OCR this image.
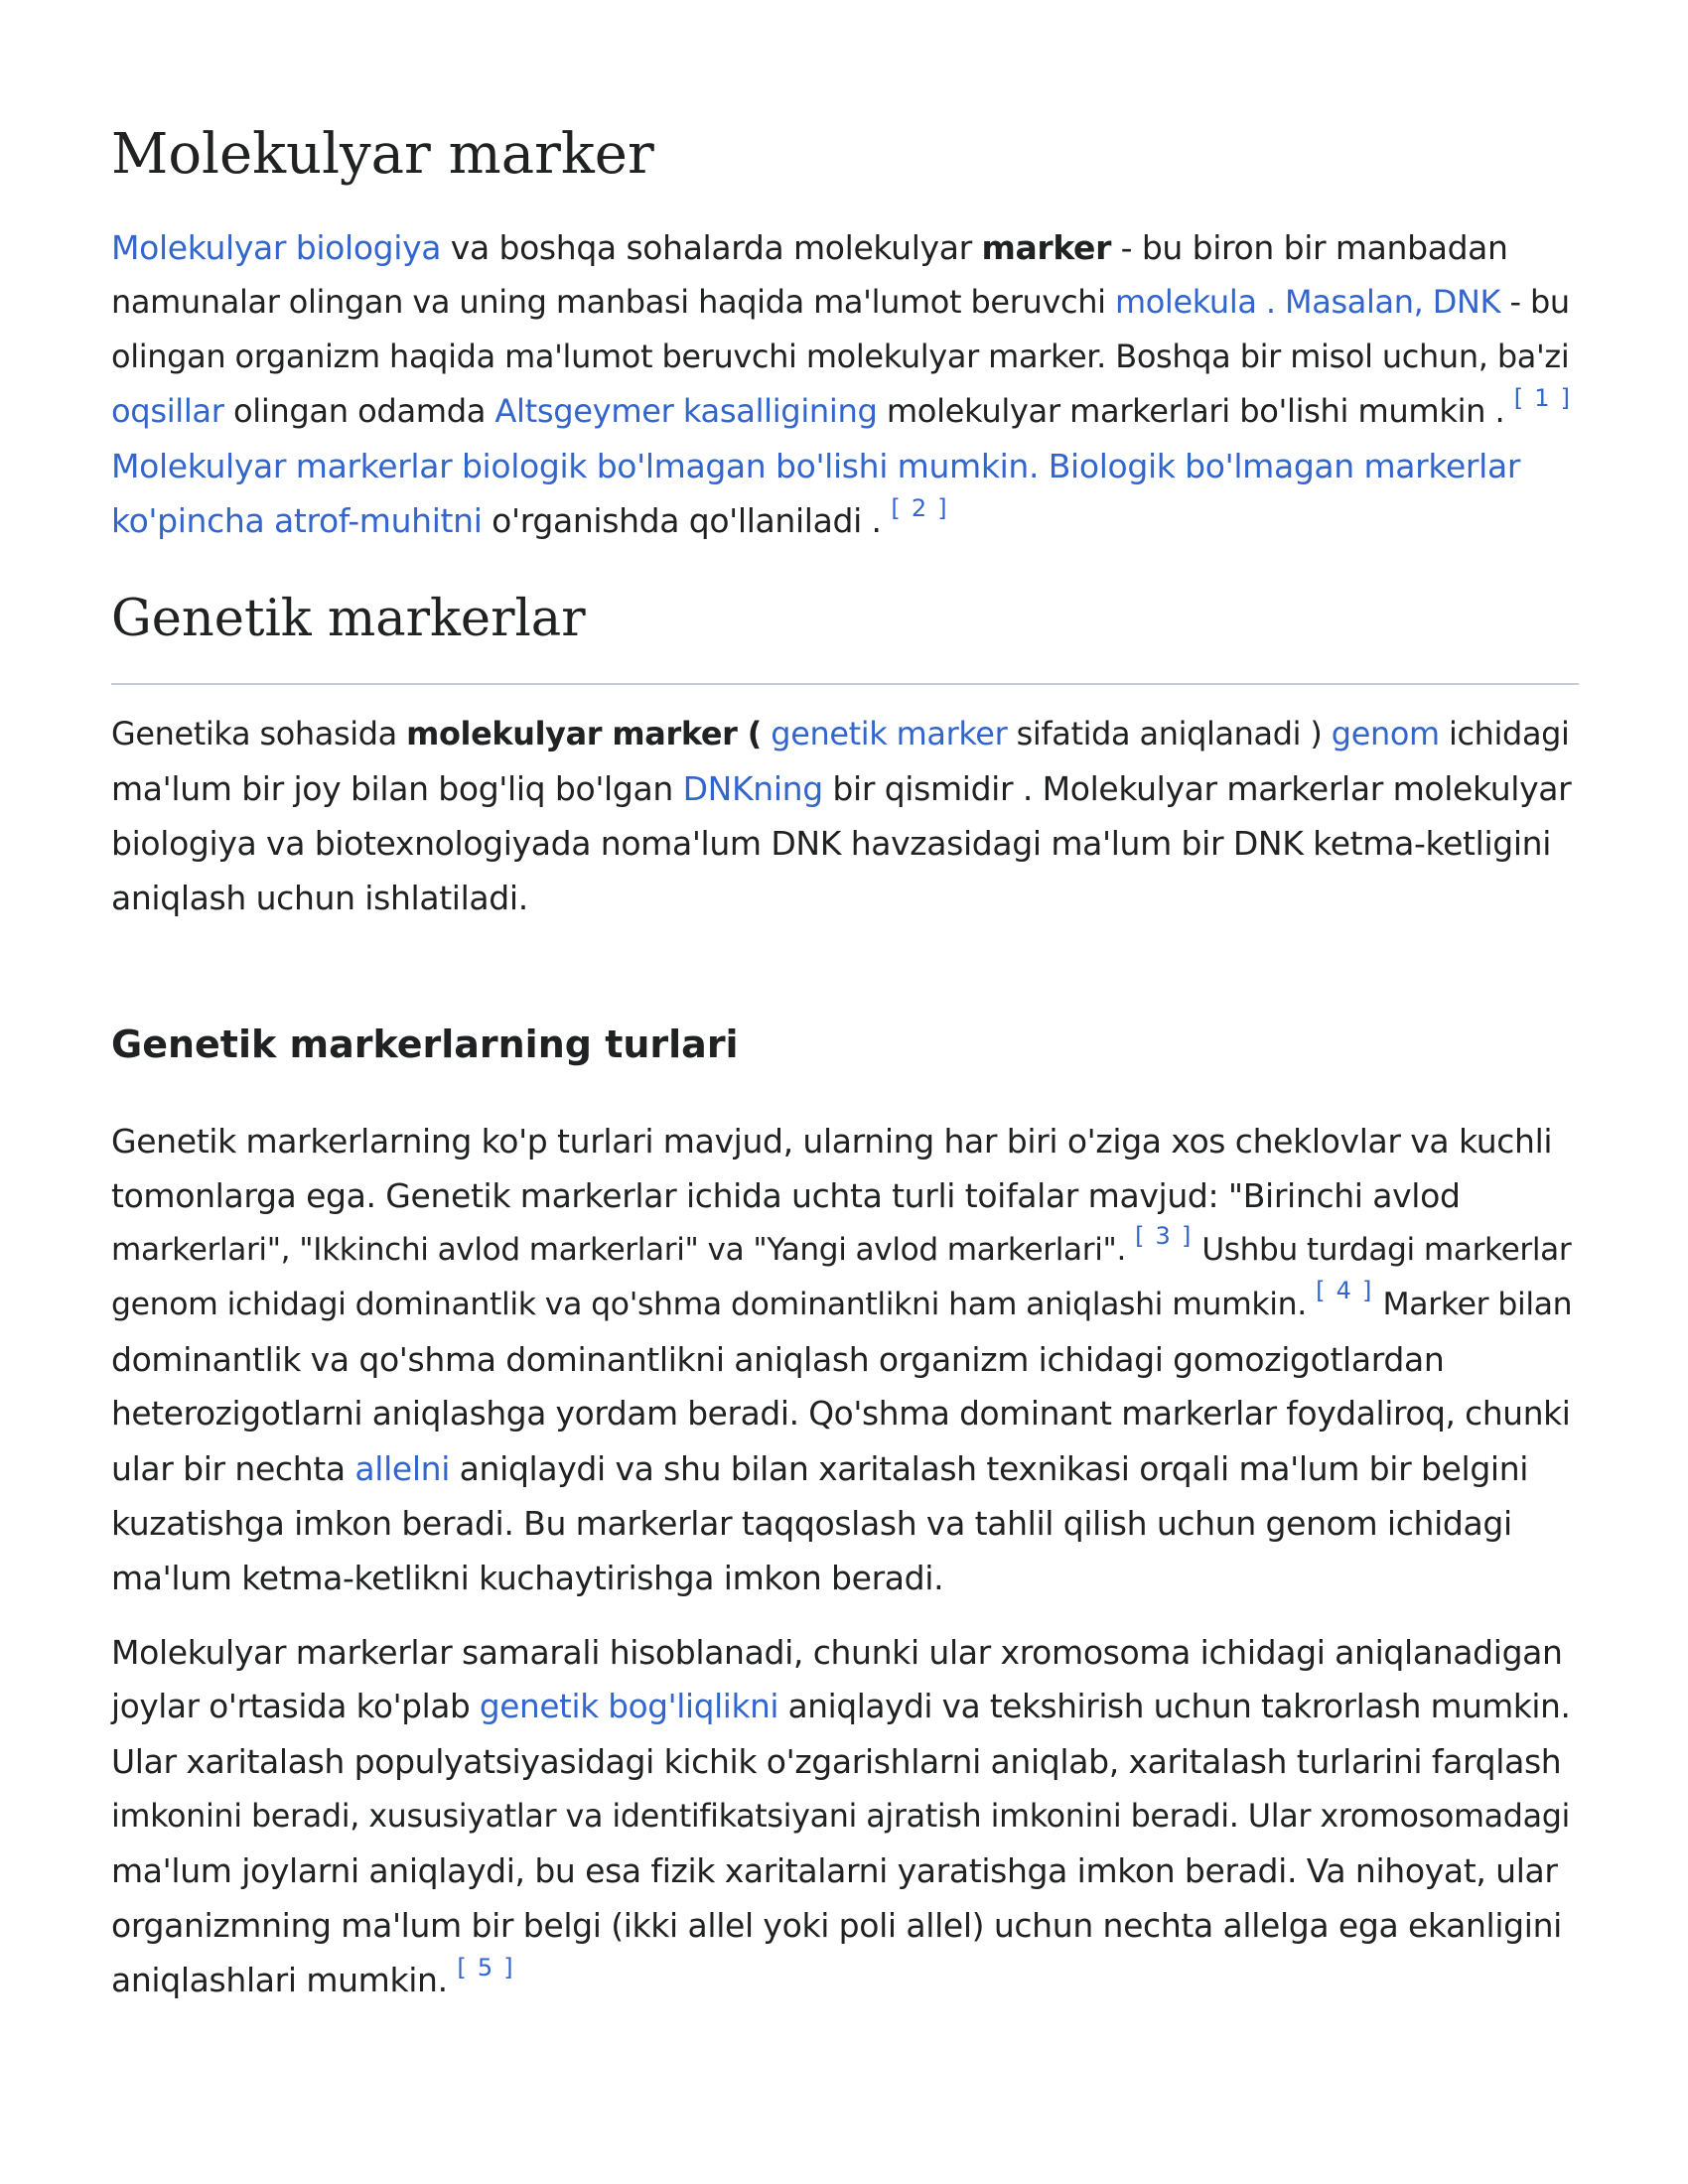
Molekulyar marker

Molekulyar biologiya va boshqa sohalarda molekulyar marker - bu biron bir manbadan
namunalar olingan va uning manbasi haqida ma'lumot beruvchi molekula . Masalan, DNK - bu
olingan organizm haqida ma'lumot beruvchi molekulyar marker. Boshqa bir misol uchun, ba'zi
oqsillar olingan odamda Altsgeymer kasalligining molekulyar markerlari bo'lishi mumkin . [ 1 ]
Molekulyar markerlar biologik bo'lmagan bo'lishi mumkin. Biologik bo'lmagan markerlar
ko'pincha atrof-muhitni o'rganishda qo'llaniladi . [ 2 ]

Genetik markerlar

Genetika sohasida molekulyar marker ( genetik marker sifatida aniqlanadi ) genom ichidagi
ma'lum bir joy bilan bog'liq bo'lgan DNKning bir qismidir . Molekulyar markerlar molekulyar
biologiya va biotexnologiyada noma'lum DNK havzasidagi ma'lum bir DNK ketma-ketligini
aniqlash uchun ishlatiladi.

Genetik markerlarning turlari

Genetik markerlarning ko'p turlari mavjud, ularning har biri o'ziga xos cheklovlar va kuchli
tomonlarga ega. Genetik markerlar ichida uchta turli toifalar mavjud: "Birinchi avlod
markerlari", "Ikkinchi avlod markerlari" va "Yangi avlod markerlari". [ 3 ] Ushbu turdagi markerlar
genom ichidagi dominantlik va qo'shma dominantlikni ham aniqlashi mumkin. [ 4 ] Marker bilan
dominantlik va qo'shma dominantlikni aniqlash organizm ichidagi gomozigotlardan
heterozigotlarni aniqlashga yordam beradi. Qo'shma dominant markerlar foydaliroq, chunki
ular bir nechta allelni aniqlaydi va shu bilan xaritalash texnikasi orqali ma'lum bir belgini
kuzatishga imkon beradi. Bu markerlar taqqoslash va tahlil qilish uchun genom ichidagi
ma'lum ketma-ketlikni kuchaytirishga imkon beradi.

Molekulyar markerlar samarali hisoblanadi, chunki ular xromosoma ichidagi aniqlanadigan
joylar o'rtasida ko'plab genetik bog'liqlikni aniqlaydi va tekshirish uchun takrorlash mumkin.
Ular xaritalash populyatsiyasidagi kichik o'zgarishlarni aniqlab, xaritalash turlarini farqlash
imkonini beradi, xususiyatlar va identifikatsiyani ajratish imkonini beradi. Ular xromosomadagi
ma'lum joylarni aniqlaydi, bu esa fizik xaritalarni yaratishga imkon beradi. Va nihoyat, ular
organizmning ma'lum bir belgi (ikki allel yoki poli allel) uchun nechta allelga ega ekanligini
aniqlashlari mumkin. [ 5 ]
